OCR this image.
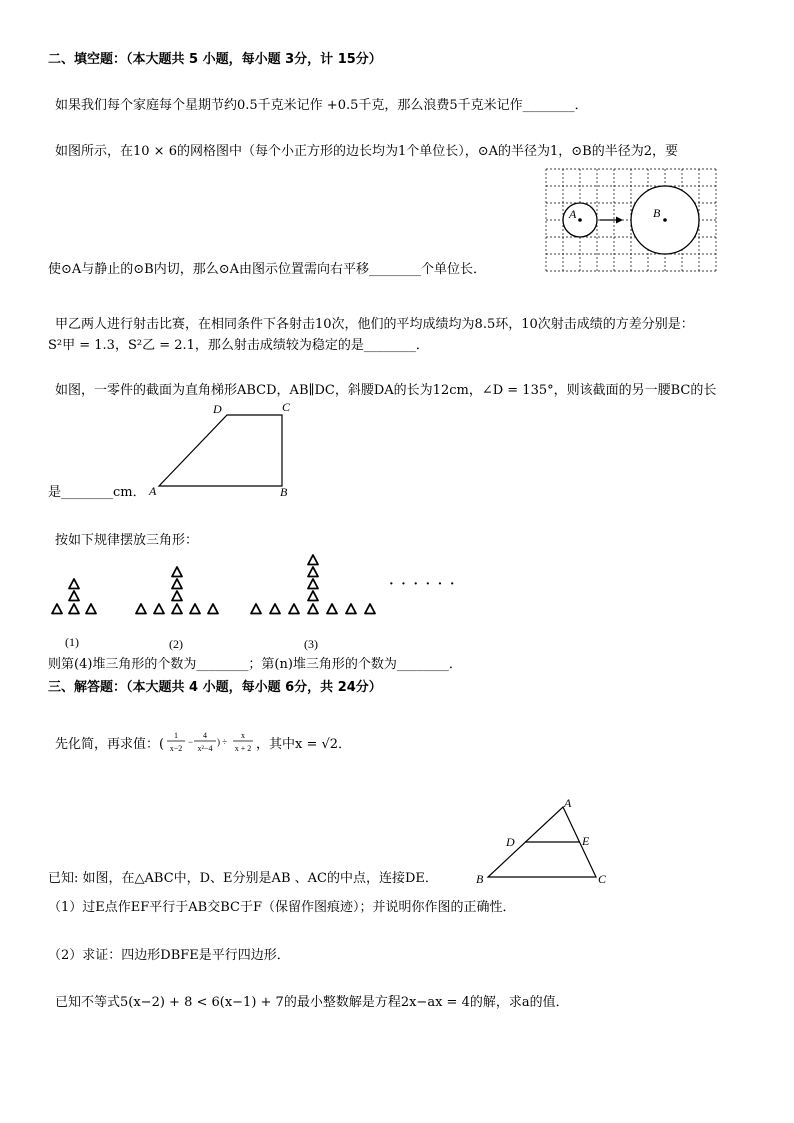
二、填空题：（本大题共 5 小题，每小题 3分，计 15分）
如果我们每个家庭每个星期节约0.5千克米记作 +0.5千克，那么浪费5千克米记作________．
如图所示，在10 × 6的网格图中（每个小正方形的边长均为1个单位长），⊙A的半径为1，⊙B的半径为2，要
A	B
使⊙A与静止的⊙B内切，那么⊙A由图示位置需向右平移________个单位长．
甲乙两人进行射击比赛，在相同条件下各射击10次，他们的平均成绩均为8.5环，10次射击成绩的方差分别是：
S²甲 = 1.3，S²乙 = 2.1，那么射击成绩较为稳定的是________．
如图，一零件的截面为直角梯形ABCD，AB∥DC，斜腰DA的长为12cm，∠D = 135°，则该截面的另一腰BC的长
A	B
C
D
是________cm．
按如下规律摆放三角形：
· · · · · ·
(1)	(2)	(3)
则第(4)堆三角形的个数为________；第(n)堆三角形的个数为________．
三、解答题：（本大题共 4 小题，每小题 6分，共 24分）
先化简，再求值：(
1
x−2
−
4
x²−4
) ÷
x
x + 2 ，其中x = √2．
A
B	C
D	E
已知: 如图，在△ABC中，D、E分别是AB 、AC的中点，连接DE．
（1）过E点作EF平行于AB交BC于F（保留作图痕迹）；并说明你作图的正确性．
（2）求证：四边形DBFE是平行四边形．
已知不等式5(x−2) + 8 < 6(x−1) + 7的最小整数解是方程2x−ax = 4的解，求a的值．
